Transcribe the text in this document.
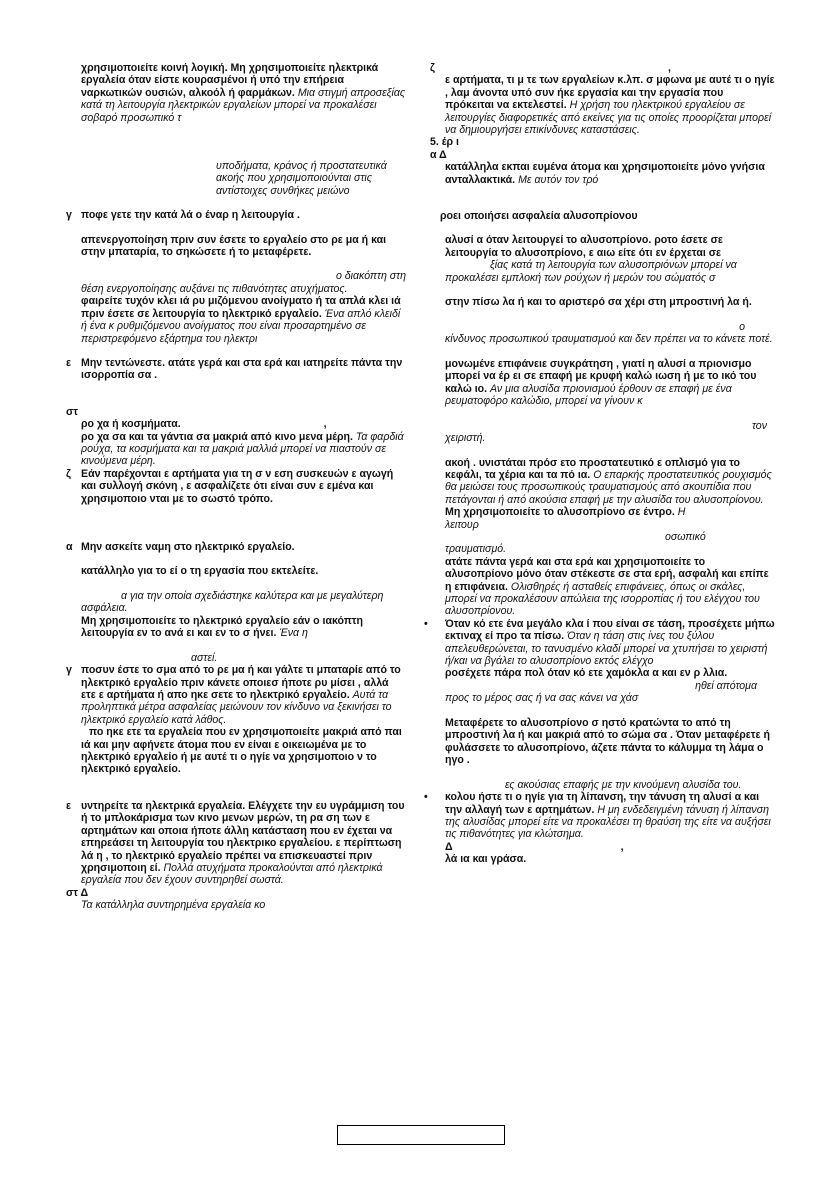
χρησιμοποιείτε κοινή λογική. Μη χρησιμοποιείτε ηλεκτρικά εργαλεία όταν είστε κουρασμένοι ή υπό την επήρεια ναρκωτικών ουσιών, αλκοόλ ή φαρμάκων. Μια στιγμή απροσεξίας κατά τη λειτουργία ηλεκτρικών εργαλείων μπορεί να προκαλέσει σοβαρό προσωπικό τ
υποδήματα, κράνος ή προστατευτικά ακοής που χρησιμοποιούνται στις αντίστοιχες συνθήκες μειώνο
γ ποφε γετε την κατά λά ο έναρ η λειτουργία .
απενεργοποίηση πριν συν έσετε το εργαλείο στο ρε μα ή και στην μπαταρία, το σηκώσετε ή το μεταφέρετε.
ο διακόπτη στη
θέση ενεργοποίησης αυξάνει τις πιθανότητες ατυχήματος.
φαιρείτε τυχόν κλει ιά ρυ μιζόμενου ανοίγματο ή τα απλά κλει ιά πριν έσετε σε λειτουργία το ηλεκτρικό εργαλείο. Ένα απλό κλειδί ή ένα κ ρυθμιζόμενου ανοίγματος που είναι προσαρτημένο σε περιστρεφόμενο εξάρτημα του ηλεκτρι
ε Μην τεντώνεστε. ατάτε γερά και στα ερά και ιατηρείτε πάντα την ισορροπία σα .
στ

ρο χα ή κοσμήματα.	,
ρο χα σα και τα γάντια σα μακριά από κινο μενα μέρη. Τα φαρδιά ρούχα, τα κοσμήματα και τα μακριά μαλλιά μπορεί να πιαστούν σε κινούμενα μέρη.
ζ Εάν παρέχονται ε αρτήματα για τη σ ν εση συσκευών ε αγωγή και συλλογή σκόνη , ε ασφαλίζετε ότι είναι συν ε εμένα και χρησιμοποιο νται με το σωστό τρόπο.
α Μην ασκείτε ναμη στο ηλεκτρικό εργαλείο.
κατάλληλο για το εί ο τη εργασία που εκτελείτε.
α για την οποία σχεδιάστηκε καλύτερα και με μεγαλύτερη ασφάλεια.
Μη χρησιμοποιείτε το ηλεκτρικό εργαλείο εάν ο ιακόπτη λειτουργία εν το ανά ει και εν το σ ήνει. Ένα η

αστεί.
γ ποσυν έστε το σμα από το ρε μα ή και γάλτε τι μπαταρίε από το ηλεκτρικό εργαλείο πριν κάνετε οποιεσ ήποτε ρυ μίσει , αλλά ετε ε αρτήματα ή απο ηκε σετε το ηλεκτρικό εργαλείο. Αυτά τα προληπτικά μέτρα ασφαλείας μειώνουν τον κίνδυνο να ξεκινήσει το ηλεκτρικό εργαλείο κατά λάθος.
πο ηκε ετε τα εργαλεία που εν χρησιμοποιείτε μακριά από παι ιά και μην αφήνετε άτομα που εν είναι ε οικειωμένα με το ηλεκτρικό εργαλείο ή με αυτέ τι ο ηγίε να χρησιμοποιο ν το ηλεκτρικό εργαλείο.
ε υντηρείτε τα ηλεκτρικά εργαλεία. Ελέγχετε την ευ υγράμμιση του ή το μπλοκάρισμα των κινο μενων μερών, τη ρα ση των ε αρτημάτων και οποια ήποτε άλλη κατάσταση που εν έχεται να επηρεάσει τη λειτουργία του ηλεκτρικο εργαλείου. ε περίπτωση λά η , το ηλεκτρικό εργαλείο πρέπει να επισκευαστεί πριν χρησιμοποιη εί. Πολλά ατυχήματα προκαλούνται από ηλεκτρικά εργαλεία που δεν έχουν συντηρηθεί σωστά.
στ Δ

Τα κατάλληλα συντηρημένα εργαλεία κο
ζ	,
ε αρτήματα, τι μ τε των εργαλείων κ.λπ. σ μφωνα με αυτέ τι ο ηγίε , λαμ άνοντα υπό συν ήκε εργασία και την εργασία που πρόκειται να εκτελεστεί. Η χρήση του ηλεκτρικού εργαλείου σε λειτουργίες διαφορετικές από εκείνες για τις οποίες προορίζεται μπορεί να δημιουργήσει επικίνδυνες καταστάσεις.
5. έρ ι
α Δ

κατάλληλα εκπαι ευμένα άτομα και χρησιμοποιείτε μόνο γνήσια ανταλλακτικά. Με αυτόν τον τρό
ροει οποιήσει ασφαλεία αλυσοπρίονου
αλυσί α όταν λειτουργεί το αλυσοπρίονο. ροτο έσετε σε λειτουργία το αλυσοπρίονο, ε αιω είτε ότι εν έρχεται σε
ξίας κατά τη λειτουργία των αλυσοπριόνων μπορεί να προκαλέσει εμπλοκή των ρούχων ή μερών του σώματός σ
στην πίσω λα ή και το αριστερό σα χέρι στη μπροστινή λα ή.

ο
κίνδυνος προσωπικού τραυματισμού και δεν πρέπει να το κάνετε ποτέ.
μονωμένε επιφάνειε συγκράτηση , γιατί η αλυσί α πριονισμο μπορεί να έρ ει σε επαφή με κρυφή καλώ ιωση ή με το ικό του καλώ ιο. Αν μια αλυσίδα πριονισμού έρθουν σε επαφή με ένα ρευματοφόρο καλώδιο, μπορεί να γίνουν κ

τον
χειριστή.
ακοή . υνιστάται πρόσ ετο προστατευτικό ε οπλισμό για το κεφάλι, τα χέρια και τα πό ια. Ο επαρκής προστατευτικός ρουχισμός θα μειώσει τους προσωπικούς τραυματισμούς από σκουπίδια που πετάγονται ή από ακούσια επαφή με την αλυσίδα του αλυσοπρίονου.
Μη χρησιμοποιείτε το αλυσοπρίονο σε έντρο. Η
λειτουρ
οσωπικό
τραυματισμό.
ατάτε πάντα γερά και στα ερά και χρησιμοποιείτε το αλυσοπρίονο μόνο όταν στέκεστε σε στα ερή, ασφαλή και επίπε η επιφάνεια. Ολισθηρές ή ασταθείς επιφάνειες, όπως οι σκάλες, μπορεί να προκαλέσουν απώλεια της ισορροπίας ή του ελέγχου του αλυσοπρίονου.
•	Όταν κό ετε ένα μεγάλο κλα ί που είναι σε τάση, προσέχετε μήπω εκτιναχ εί προ τα πίσω. Όταν η τάση στις ίνες του ξύλου απελευθερώνεται, το τανυσμένο κλαδί μπορεί να χτυπήσει το χειριστή ή/και να βγάλει το αλυσοπρίονο εκτός ελέγχο
ροσέχετε πάρα πολ όταν κό ετε χαμόκλα α και εν ρ λλια.
ηθεί απότομα
προς το μέρος σας ή να σας κάνει να χάσ
Μεταφέρετε το αλυσοπρίονο σ ηστό κρατώντα το από τη μπροστινή λα ή και μακριά από το σώμα σα . Όταν μεταφέρετε ή φυλάσσετε το αλυσοπρίονο, άζετε πάντα το κάλυμμα τη λάμα ο ηγο .

ες ακούσιας επαφής με την κινούμενη αλυσίδα του.
•	κολου ήστε τι ο ηγίε για τη λίπανση, την τάνυση τη αλυσί α και την αλλαγή των ε αρτημάτων. Η μη ενδεδειγμένη τάνυση ή λίπανση της αλυσίδας μπορεί είτε να προκαλέσει τη θραύση της είτε να αυξήσει τις πιθανότητες για κλώτσημα.
Δ	,
λά ια και γράσα.
